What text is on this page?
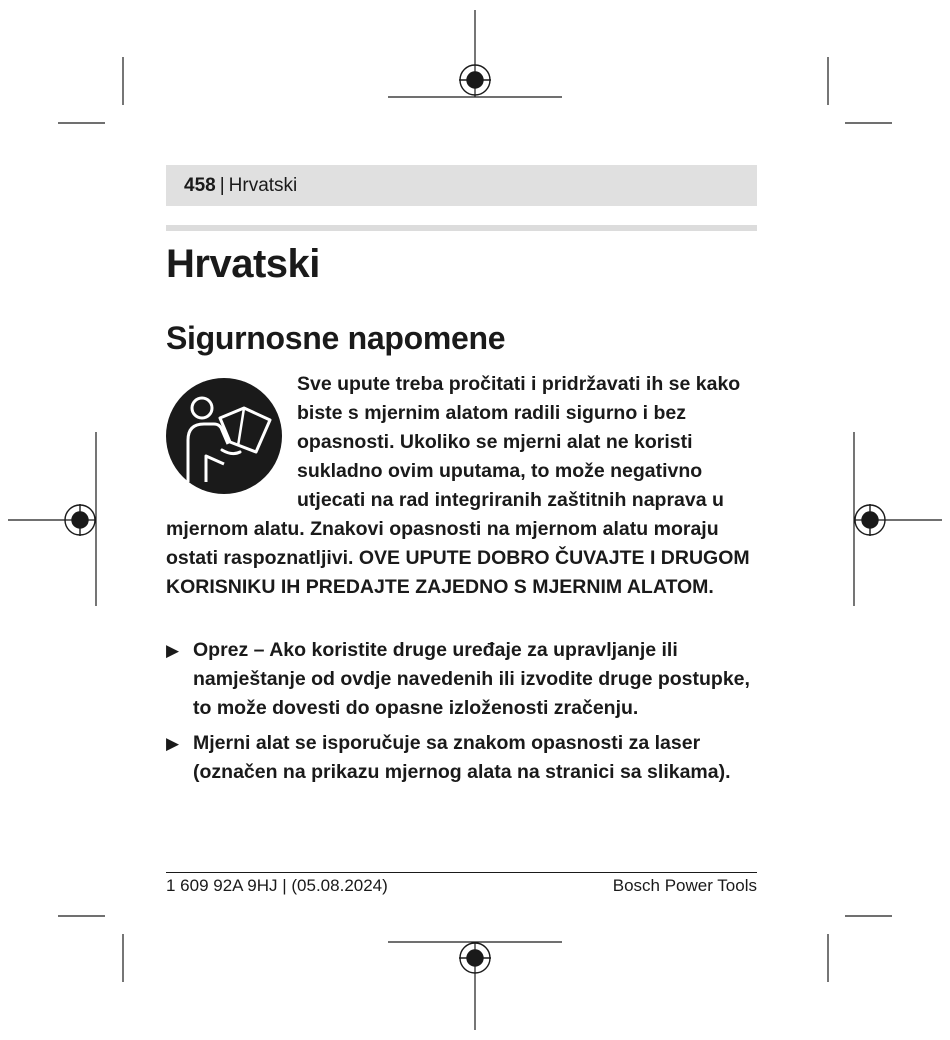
458 | Hrvatski
Hrvatski
Sigurnosne napomene

Sve upute treba pročitati i pridržavati ih se kako biste s mjernim alatom radili sigurno i bez opasnosti. Ukoliko se mjerni alat ne koristi sukladno ovim uputama, to može negativno utjecati na rad integriranih zaštitnih naprava u mjernom alatu. Znakovi opasnosti na mjernom alatu moraju ostati raspoznatljivi. OVE UPUTE DOBRO ČUVAJTE I DRUGOM KORISNIKU IH PREDAJTE ZAJEDNO S MJERNIM ALATOM.

▶ Oprez – Ako koristite druge uređaje za upravljanje ili namještanje od ovdje navedenih ili izvodite druge postupke, to može dovesti do opasne izloženosti zračenju.
▶ Mjerni alat se isporučuje sa znakom opasnosti za laser (označen na prikazu mjernog alata na stranici sa slikama).
1 609 92A 9HJ | (05.08.2024)	Bosch Power Tools
